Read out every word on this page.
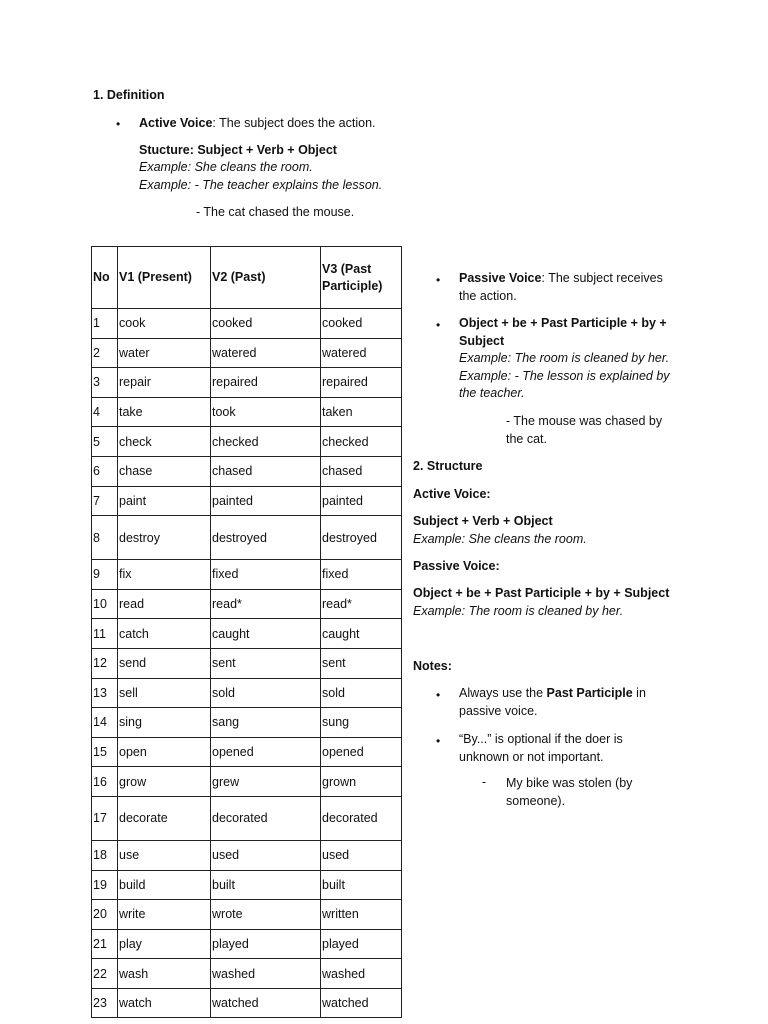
1. Definition
• Active Voice: The subject does the action.
Stucture: Subject + Verb + Object
Example: She cleans the room.
Example: - The teacher explains the lesson.
- The cat chased the mouse.
No	V1 (Present)	V2 (Past)	V3 (Past Participle)
1	cook	cooked	cooked
2	water	watered	watered
3	repair	repaired	repaired
4	take	took	taken
5	check	checked	checked
6	chase	chased	chased
7	paint	painted	painted
8	destroy	destroyed	destroyed
9	fix	fixed	fixed
10	read	read*	read*
11	catch	caught	caught
12	send	sent	sent
13	sell	sold	sold
14	sing	sang	sung
15	open	opened	opened
16	grow	grew	grown
17	decorate	decorated	decorated
18	use	used	used
19	build	built	built
20	write	wrote	written
21	play	played	played
22	wash	washed	washed
23	watch	watched	watched
• Passive Voice: The subject receives
the action.
• Object + be + Past Participle + by +
Subject
Example: The room is cleaned by her.
Example: - The lesson is explained by
the teacher.
- The mouse was chased by
the cat.
2. Structure
Active Voice:
Subject + Verb + Object
Example: She cleans the room.
Passive Voice:
Object + be + Past Participle + by + Subject
Example: The room is cleaned by her.
Notes:
• Always use the Past Participle in
passive voice.
• “By...” is optional if the doer is
unknown or not important.
- My bike was stolen (by
someone).
